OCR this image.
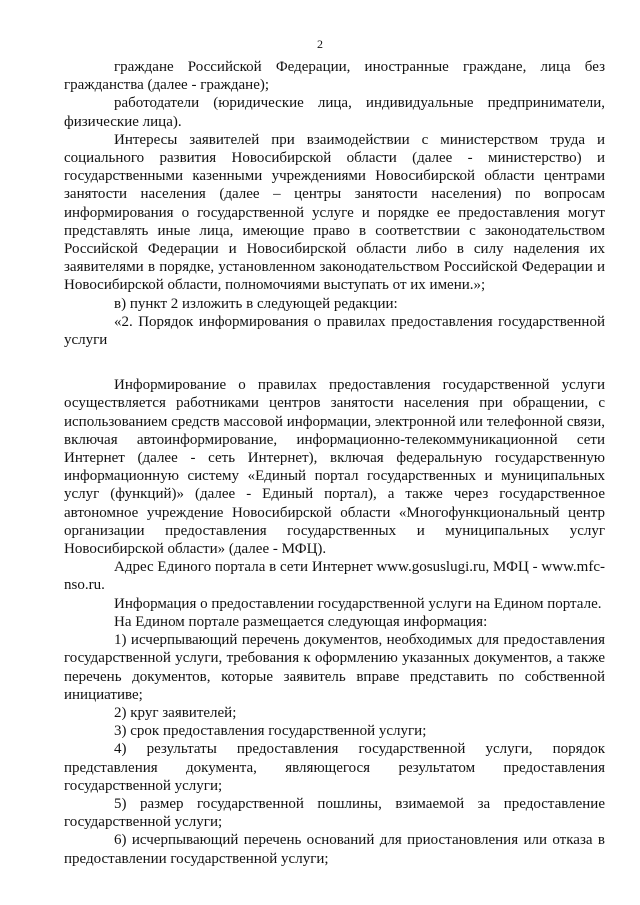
2

граждане Российской Федерации, иностранные граждане, лица без гражданства (далее - граждане);

работодатели (юридические лица, индивидуальные предприниматели, физические лица).

Интересы заявителей при взаимодействии с министерством труда и социального развития Новосибирской области (далее - министерство) и государственными казенными учреждениями Новосибирской области центрами занятости населения (далее – центры занятости населения) по вопросам информирования о государственной услуге и порядке ее предоставления могут представлять иные лица, имеющие право в соответствии с законодательством Российской Федерации и Новосибирской области либо в силу наделения их заявителями в порядке, установленном законодательством Российской Федерации и Новосибирской области, полномочиями выступать от их имени.»;

в) пункт 2 изложить в следующей редакции:

«2. Порядок информирования о правилах предоставления государственной услуги

Информирование о правилах предоставления государственной услуги осуществляется работниками центров занятости населения при обращении, с использованием средств массовой информации, электронной или телефонной связи, включая автоинформирование, информационно-телекоммуникационной сети Интернет (далее - сеть Интернет), включая федеральную государственную информационную систему «Единый портал государственных и муниципальных услуг (функций)» (далее - Единый портал), а также через государственное автономное учреждение Новосибирской области «Многофункциональный центр организации предоставления государственных и муниципальных услуг Новосибирской области» (далее - МФЦ).

Адрес Единого портала в сети Интернет www.gosuslugi.ru, МФЦ - www.mfc-nso.ru.

Информация о предоставлении государственной услуги на Едином портале.

На Едином портале размещается следующая информация:

1) исчерпывающий перечень документов, необходимых для предоставления государственной услуги, требования к оформлению указанных документов, а также перечень документов, которые заявитель вправе представить по собственной инициативе;

2) круг заявителей;

3) срок предоставления государственной услуги;

4) результаты предоставления государственной услуги, порядок представления документа, являющегося результатом предоставления государственной услуги;

5) размер государственной пошлины, взимаемой за предоставление государственной услуги;

6) исчерпывающий перечень оснований для приостановления или отказа в предоставлении государственной услуги;
